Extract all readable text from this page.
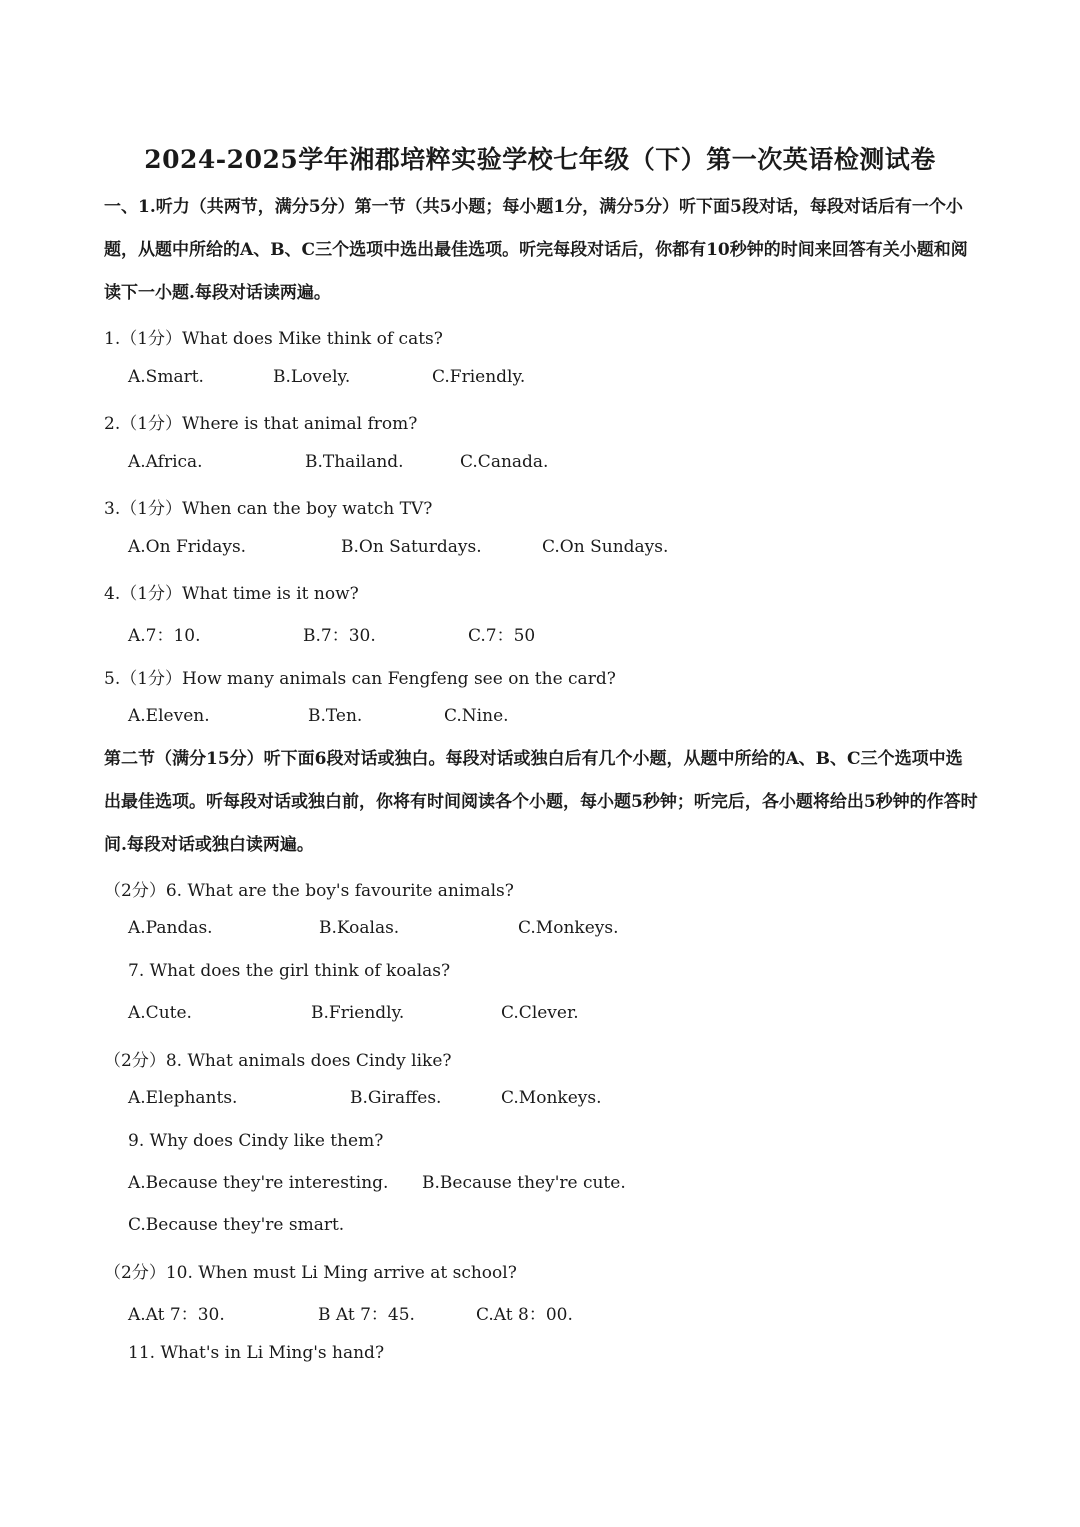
2024-2025学年湘郡培粹实验学校七年级（下）第一次英语检测试卷
一、1.听力（共两节，满分5分）第一节（共5小题；每小题1分，满分5分）听下面5段对话，每段对话后有一个小题，从题中所给的A、B、C三个选项中选出最佳选项。听完每段对话后，你都有10秒钟的时间来回答有关小题和阅读下一小题.每段对话读两遍。
1.（1分）What does Mike think of cats?
A.Smart.	B.Lovely.	C.Friendly.
2.（1分）Where is that animal from?
A.Africa.	B.Thailand.	C.Canada.
3.（1分）When can the boy watch TV?
A.On Fridays.	B.On Saturdays.	C.On Sundays.
4.（1分）What time is it now?
A.7：10.	B.7：30.	C.7：50
5.（1分）How many animals can Fengfeng see on the card?
A.Eleven.	B.Ten.	C.Nine.
第二节（满分15分）听下面6段对话或独白。每段对话或独白后有几个小题，从题中所给的A、B、C三个选项中选出最佳选项。听每段对话或独白前，你将有时间阅读各个小题，每小题5秒钟；听完后，各小题将给出5秒钟的作答时间.每段对话或独白读两遍。
（2分）6. What are the boy's favourite animals?
A.Pandas.	B.Koalas.	C.Monkeys.
7. What does the girl think of koalas?
A.Cute.	B.Friendly.	C.Clever.
（2分）8. What animals does Cindy like?
A.Elephants.	B.Giraffes.	C.Monkeys.
9. Why does Cindy like them?
A.Because they're interesting. B.Because they're cute.
C.Because they're smart.
（2分）10. When must Li Ming arrive at school?
A.At 7：30.	B At 7：45.	C.At 8：00.
11. What's in Li Ming's hand?
